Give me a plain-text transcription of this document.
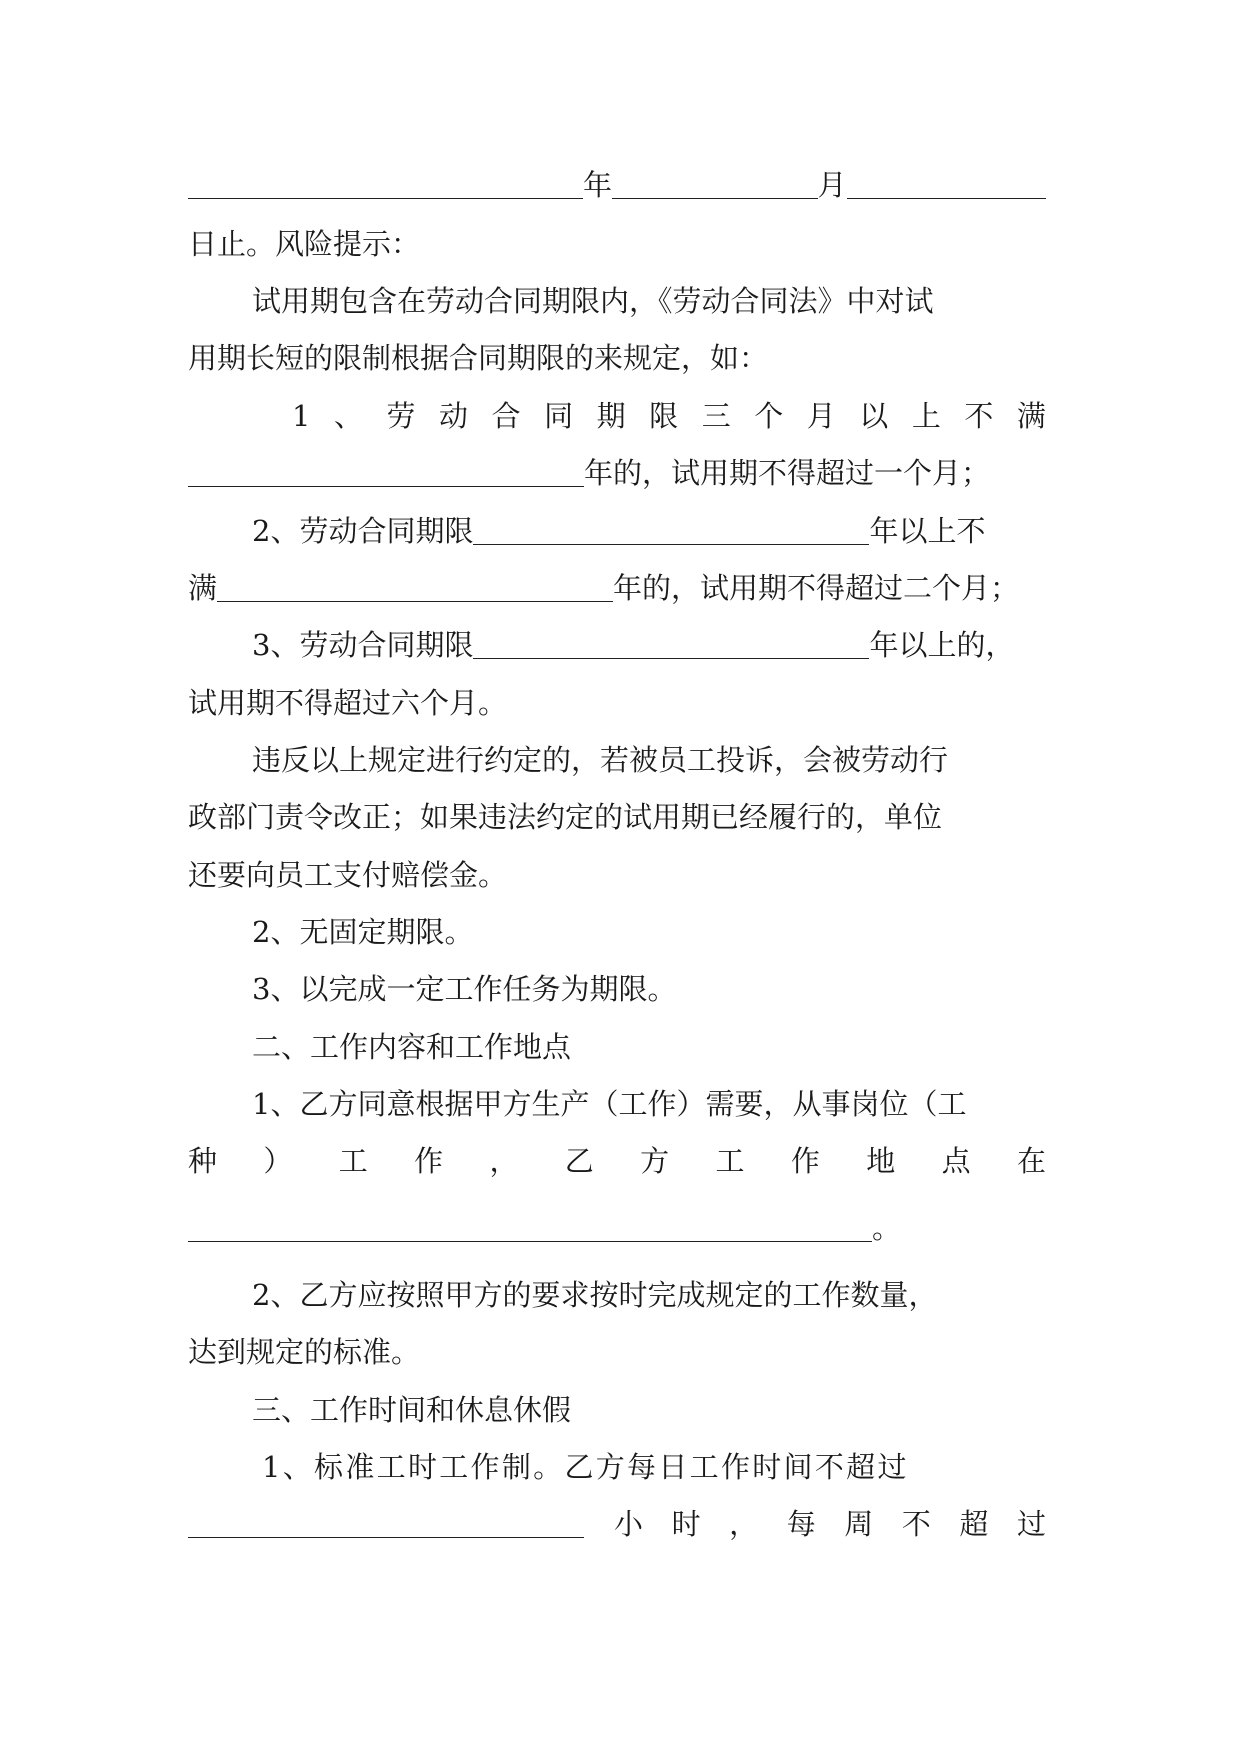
年	月
日止。风险提示：
试用期包含在劳动合同期限内，《劳动合同法》中对试
用期长短的限制根据合同期限的来规定，如：
1 、 劳 动 合 同 期 限 三 个 月 以 上 不 满
年的，试用期不得超过一个月；
2、劳动合同期限	年以上不
满	年的，试用期不得超过二个月；
3、劳动合同期限	年以上的，
试用期不得超过六个月。
违反以上规定进行约定的，若被员工投诉，会被劳动行
政部门责令改正；如果违法约定的试用期已经履行的，单位
还要向员工支付赔偿金。
2、无固定期限。
3、以完成一定工作任务为期限。
二、工作内容和工作地点
1、乙方同意根据甲方生产（工作）需要，从事岗位（工
种 ） 工 作 ， 乙 方 工 作 地 点 在
。
2、乙方应按照甲方的要求按时完成规定的工作数量，
达到规定的标准。
三、工作时间和休息休假
1、标准工时工作制。乙方每日工作时间不超过
小 时 ， 每 周 不 超 过
